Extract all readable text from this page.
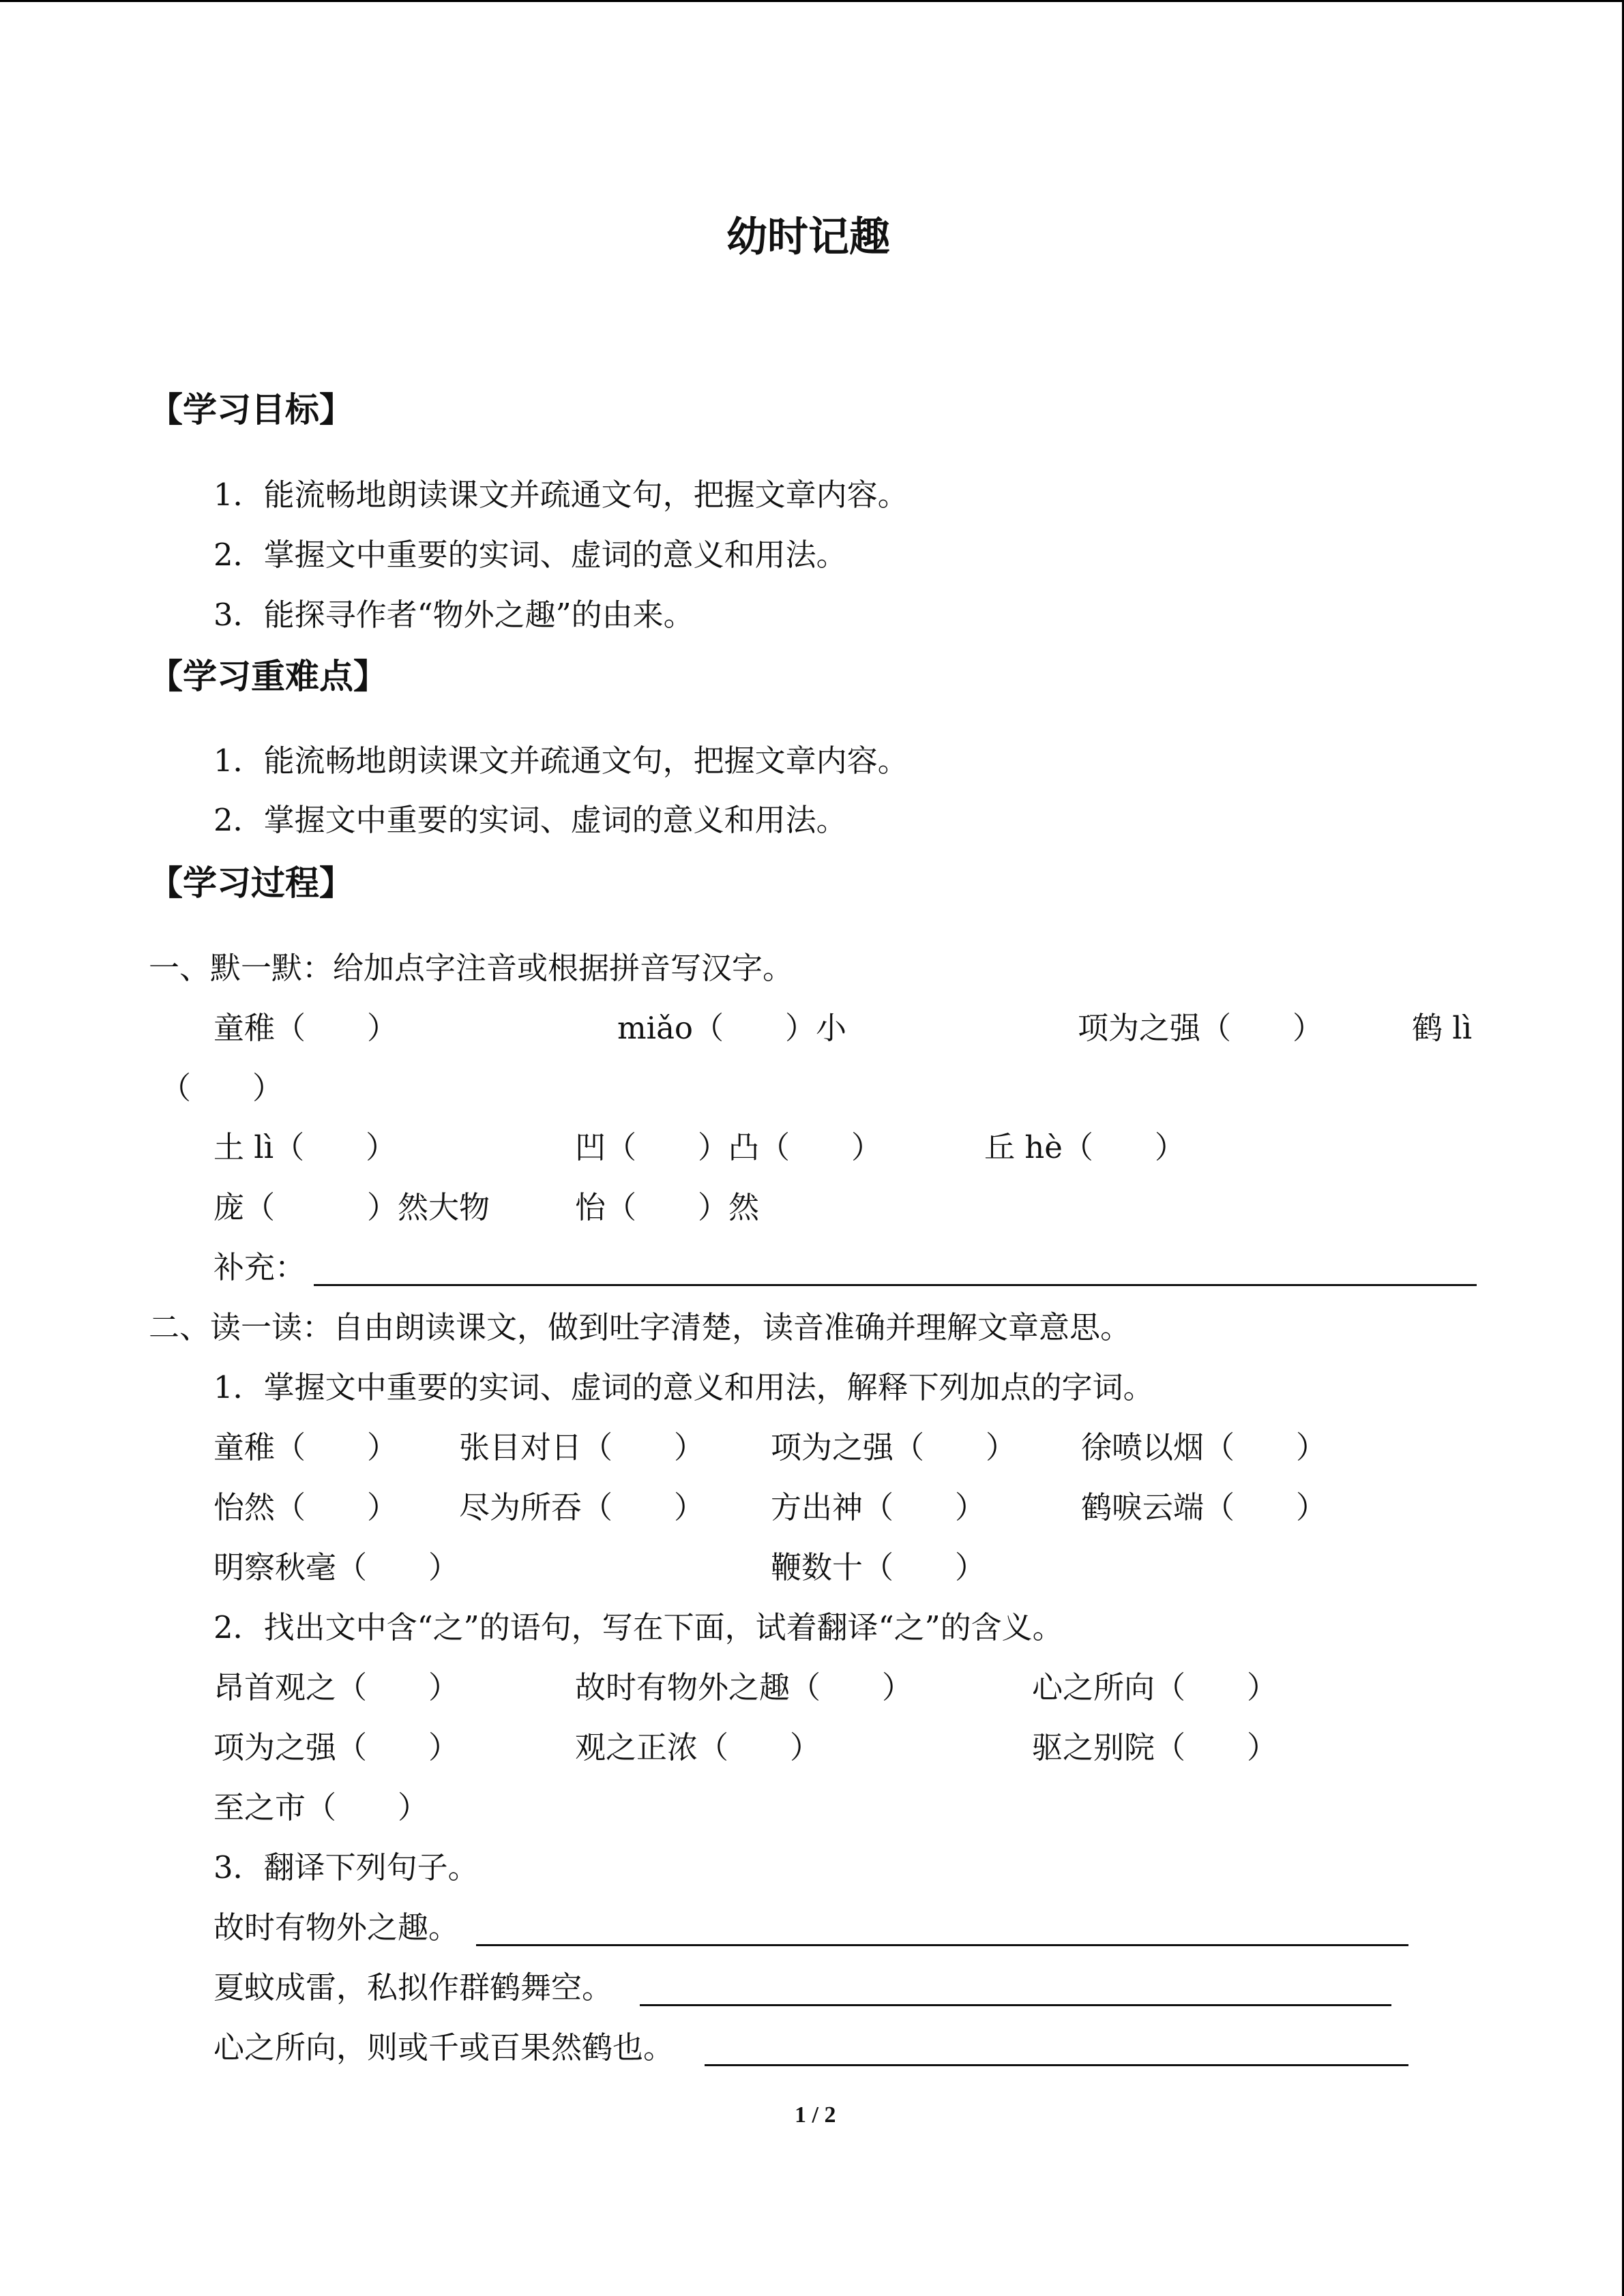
幼时记趣
【学习目标】
1．能流畅地朗读课文并疏通文句，把握文章内容。
2．掌握文中重要的实词、虚词的意义和用法。
3．能探寻作者“物外之趣”的由来。
【学习重难点】
1．能流畅地朗读课文并疏通文句，把握文章内容。
2．掌握文中重要的实词、虚词的意义和用法。
【学习过程】
一、默一默：给加点字注音或根据拼音写汉字。
童稚（　　）	miǎo（　　）小	项为之强（　　）	鹤 lì
（　　）
土 lì（　　）	凹（　　）凸（　　）	丘 hè（　　）
庞（　　　）然大物	怡（　　）然
补充：
二、读一读：自由朗读课文，做到吐字清楚，读音准确并理解文章意思。
1．掌握文中重要的实词、虚词的意义和用法，解释下列加点的字词。
童稚（　　） 张目对日（　　） 项为之强（　　） 徐喷以烟（　　）
怡然（　　） 尽为所吞（　　） 方出神（　　）	鹤唳云端（　　）
明察秋毫（　　）	鞭数十（　　）
2．找出文中含“之”的语句，写在下面，试着翻译“之”的含义。
昂首观之（　　）	故时有物外之趣（　　）	心之所向（　　）
项为之强（　　）	观之正浓（　　）	驱之别院（　　）
至之市（　　）
3．翻译下列句子。
故时有物外之趣。
夏蚊成雷，私拟作群鹤舞空。
心之所向，则或千或百果然鹤也。
1 / 2
